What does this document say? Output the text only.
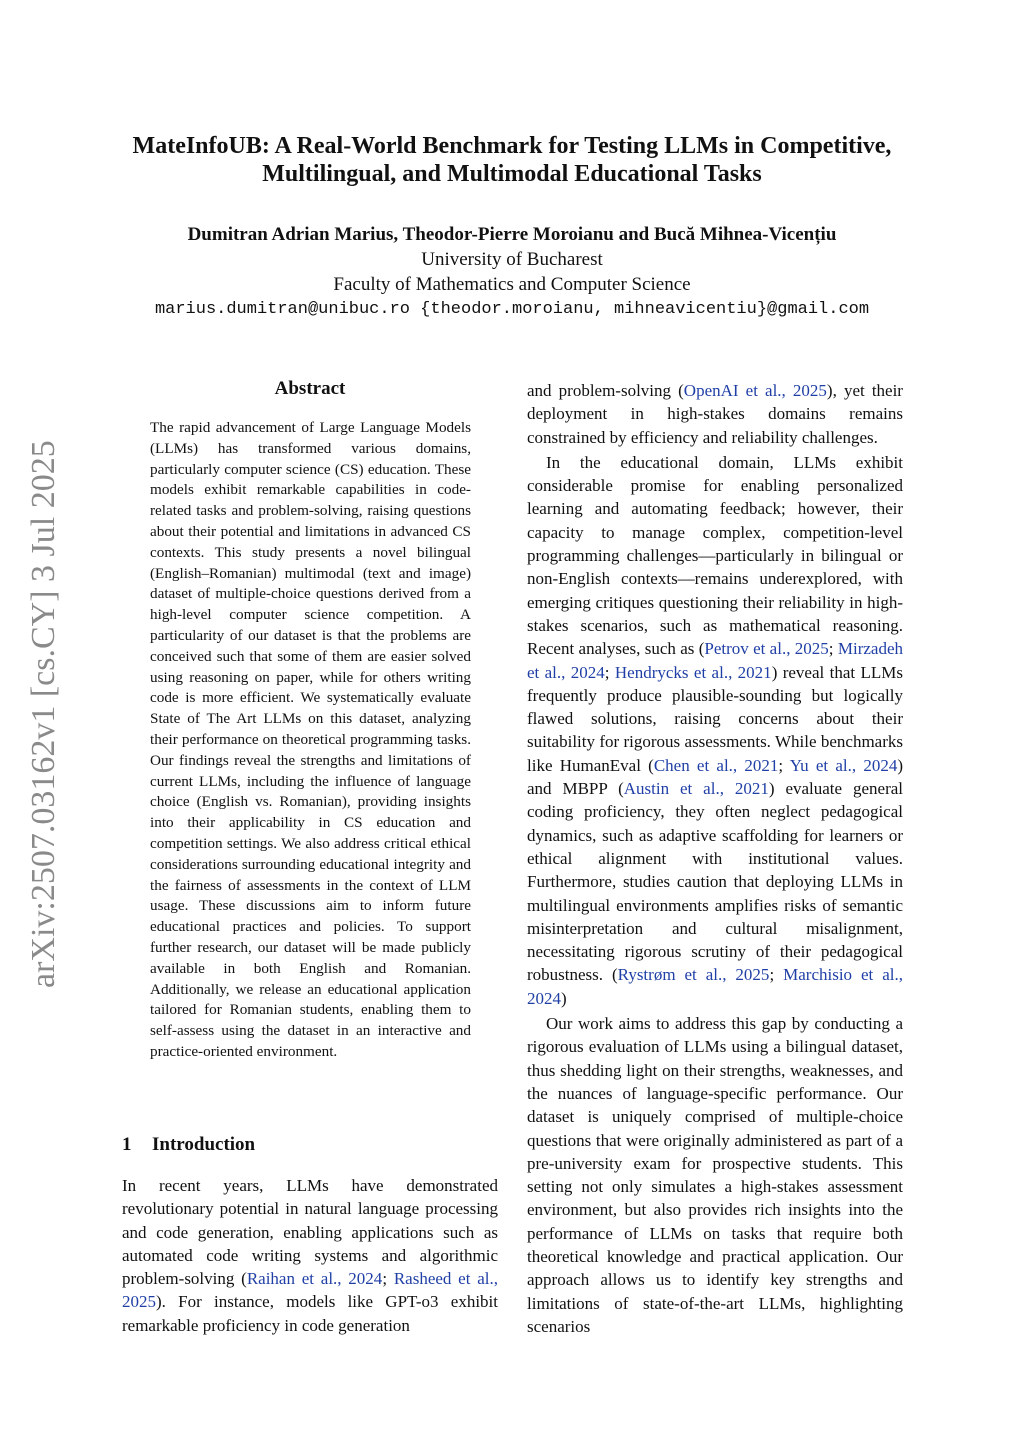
arXiv:2507.03162v1 [cs.CY] 3 Jul 2025
MateInfoUB: A Real-World Benchmark for Testing LLMs in Competitive,
Multilingual, and Multimodal Educational Tasks
Dumitran Adrian Marius, Theodor-Pierre Moroianu and Bucă Mihnea-Vicențiu
University of Bucharest
Faculty of Mathematics and Computer Science
marius.dumitran@unibuc.ro {theodor.moroianu, mihneavicentiu}@gmail.com
Abstract
The rapid advancement of Large Language Models (LLMs) has transformed various domains, particularly computer science (CS) education. These models exhibit remarkable capabilities in code-related tasks and problem-solving, raising questions about their potential and limitations in advanced CS contexts. This study presents a novel bilingual (English–Romanian) multimodal (text and image) dataset of multiple-choice questions derived from a high-level computer science competition. A particularity of our dataset is that the problems are conceived such that some of them are easier solved using reasoning on paper, while for others writing code is more efficient. We systematically evaluate State of The Art LLMs on this dataset, analyzing their performance on theoretical programming tasks. Our findings reveal the strengths and limitations of current LLMs, including the influence of language choice (English vs. Romanian), providing insights into their applicability in CS education and competition settings. We also address critical ethical considerations surrounding educational integrity and the fairness of assessments in the context of LLM usage. These discussions aim to inform future educational practices and policies. To support further research, our dataset will be made publicly available in both English and Romanian. Additionally, we release an educational application tailored for Romanian students, enabling them to self-assess using the dataset in an interactive and practice-oriented environment.
1 Introduction
In recent years, LLMs have demonstrated revolutionary potential in natural language processing and code generation, enabling applications such as automated code writing systems and algorithmic problem-solving (Raihan et al., 2024; Rasheed et al., 2025). For instance, models like GPT-o3 exhibit remarkable proficiency in code generation

and problem-solving (OpenAI et al., 2025), yet their deployment in high-stakes domains remains constrained by efficiency and reliability challenges.

In the educational domain, LLMs exhibit considerable promise for enabling personalized learning and automating feedback; however, their capacity to manage complex, competition-level programming challenges—particularly in bilingual or non-English contexts—remains underexplored, with emerging critiques questioning their reliability in high-stakes scenarios, such as mathematical reasoning. Recent analyses, such as (Petrov et al., 2025; Mirzadeh et al., 2024; Hendrycks et al., 2021) reveal that LLMs frequently produce plausible-sounding but logically flawed solutions, raising concerns about their suitability for rigorous assessments. While benchmarks like HumanEval (Chen et al., 2021; Yu et al., 2024) and MBPP (Austin et al., 2021) evaluate general coding proficiency, they often neglect pedagogical dynamics, such as adaptive scaffolding for learners or ethical alignment with institutional values. Furthermore, studies caution that deploying LLMs in multilingual environments amplifies risks of semantic misinterpretation and cultural misalignment, necessitating rigorous scrutiny of their pedagogical robustness. (Rystrøm et al., 2025; Marchisio et al., 2024)

Our work aims to address this gap by conducting a rigorous evaluation of LLMs using a bilingual dataset, thus shedding light on their strengths, weaknesses, and the nuances of language-specific performance. Our dataset is uniquely comprised of multiple-choice questions that were originally administered as part of a pre-university exam for prospective students. This setting not only simulates a high-stakes assessment environment, but also provides rich insights into the performance of LLMs on tasks that require both theoretical knowledge and practical application. Our approach allows us to identify key strengths and limitations of state-of-the-art LLMs, highlighting scenarios
